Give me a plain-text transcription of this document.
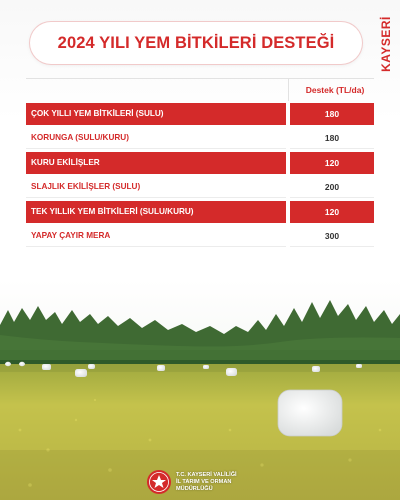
2024 YILI YEM BİTKİLERİ DESTEĞİ	KAYSERİ
Destek (TL/da)
ÇOK YILLI YEM BİTKİLERİ (SULU)	180
KORUNGA (SULU/KURU)	180
KURU EKİLİŞLER	120
SLAJLIK EKİLİŞLER (SULU)	200
TEK YILLIK YEM BİTKİLERİ (SULU/KURU)	120
YAPAY ÇAYIR MERA	300
T.C. KAYSERİ VALİLİĞİ
İL TARIM VE ORMAN
MÜDÜRLÜĞÜ
